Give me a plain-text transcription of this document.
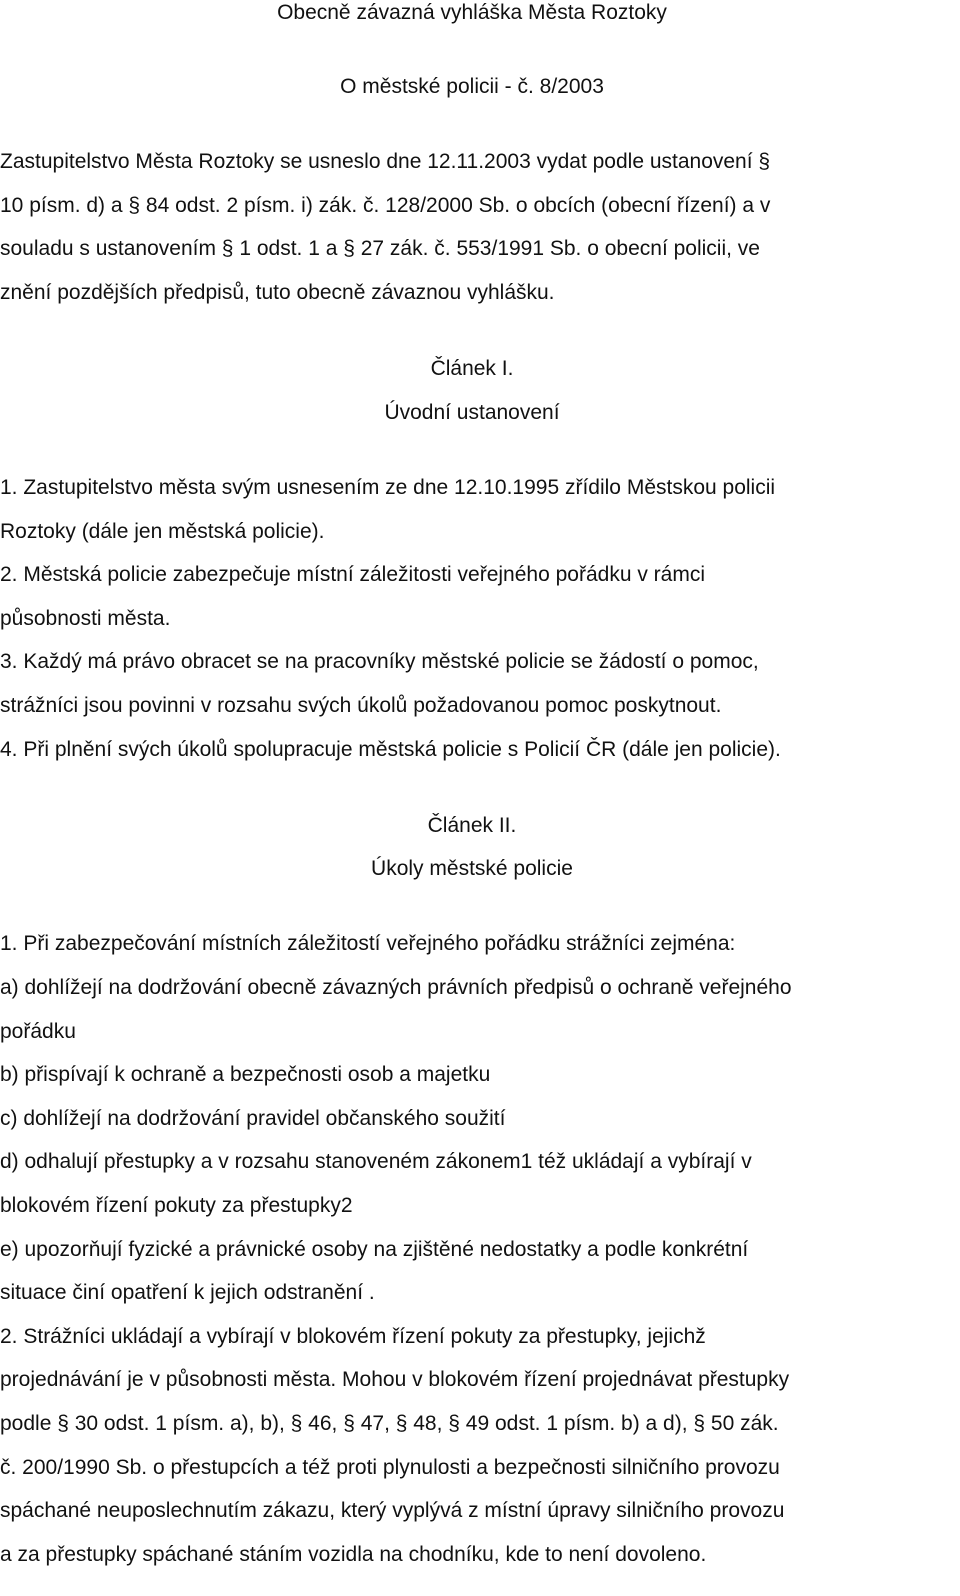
Obecně závazná vyhláška Města Roztoky
O městské policii - č. 8/2003
Zastupitelstvo Města Roztoky se usneslo dne 12.11.2003 vydat podle ustanovení §
10 písm. d) a § 84 odst. 2 písm. i) zák. č. 128/2000 Sb. o obcích (obecní řízení) a v
souladu s ustanovením § 1 odst. 1 a § 27 zák. č. 553/1991 Sb. o obecní policii, ve
znění pozdějších předpisů, tuto obecně závaznou vyhlášku.
Článek I.
Úvodní ustanovení
1. Zastupitelstvo města svým usnesením ze dne 12.10.1995 zřídilo Městskou policii
Roztoky (dále jen městská policie).
2. Městská policie zabezpečuje místní záležitosti veřejného pořádku v rámci
působnosti města.
3. Každý má právo obracet se na pracovníky městské policie se žádostí o pomoc,
strážníci jsou povinni v rozsahu svých úkolů požadovanou pomoc poskytnout.
4. Při plnění svých úkolů spolupracuje městská policie s Policií ČR (dále jen policie).
Článek II.
Úkoly městské policie
1. Při zabezpečování místních záležitostí veřejného pořádku strážníci zejména:
a) dohlížejí na dodržování obecně závazných právních předpisů o ochraně veřejného
pořádku
b) přispívají k ochraně a bezpečnosti osob a majetku
c) dohlížejí na dodržování pravidel občanského soužití
d) odhalují přestupky a v rozsahu stanoveném zákonem1 též ukládají a vybírají v
blokovém řízení pokuty za přestupky2
e) upozorňují fyzické a právnické osoby na zjištěné nedostatky a podle konkrétní
situace činí opatření k jejich odstranění .
2. Strážníci ukládají a vybírají v blokovém řízení pokuty za přestupky, jejichž
projednávání je v působnosti města. Mohou v blokovém řízení projednávat přestupky
podle § 30 odst. 1 písm. a), b), § 46, § 47, § 48, § 49 odst. 1 písm. b) a d), § 50 zák.
č. 200/1990 Sb. o přestupcích a též proti plynulosti a bezpečnosti silničního provozu
spáchané neuposlechnutím zákazu, který vyplývá z místní úpravy silničního provozu
a za přestupky spáchané stáním vozidla na chodníku, kde to není dovoleno.
